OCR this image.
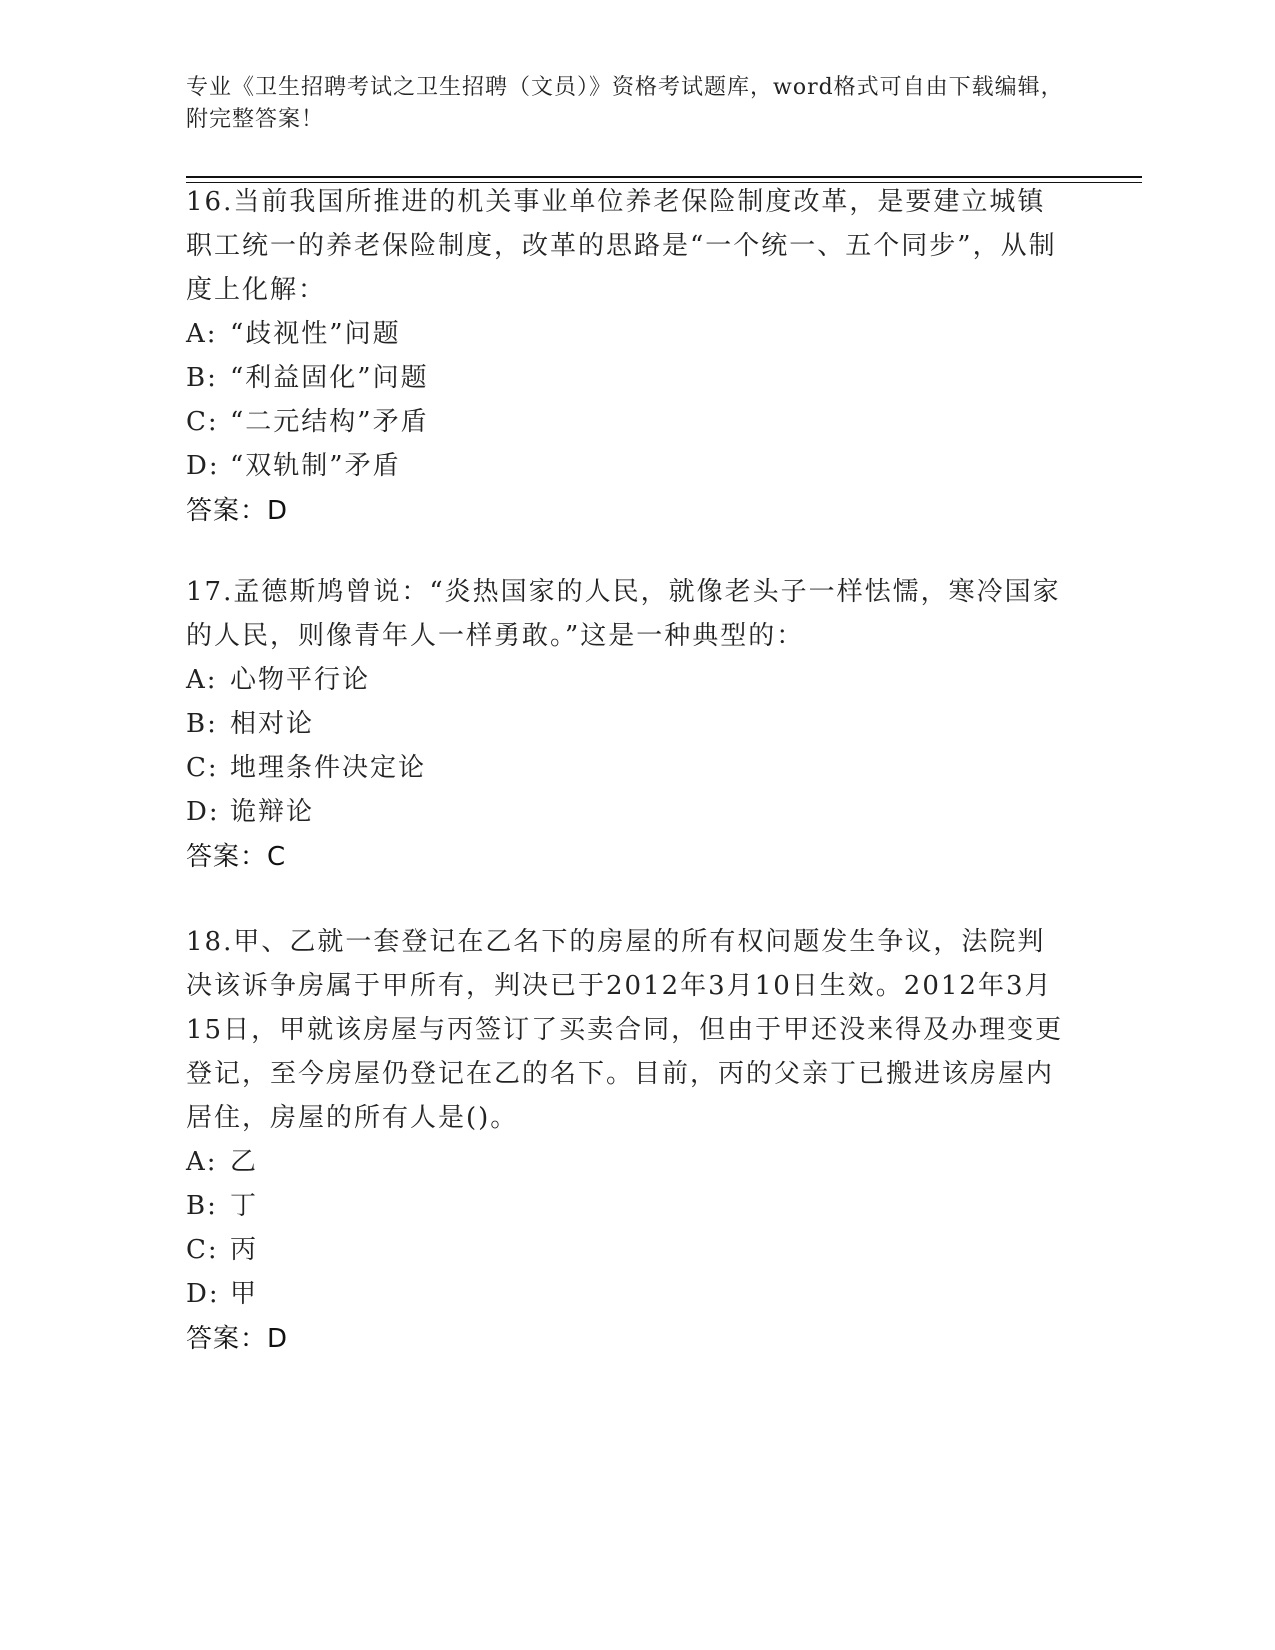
专业《卫生招聘考试之卫生招聘（文员）》资格考试题库，word格式可自由下载编辑，附完整答案！
16.当前我国所推进的机关事业单位养老保险制度改革，是要建立城镇职工统一的养老保险制度，改革的思路是“一个统一、五个同步”，从制度上化解：
A: “歧视性”问题
B: “利益固化”问题
C: “二元结构”矛盾
D: “双轨制”矛盾
答案：D
17.孟德斯鸠曾说：“炎热国家的人民，就像老头子一样怯懦，寒冷国家的人民，则像青年人一样勇敢。”这是一种典型的：
A: 心物平行论
B: 相对论
C: 地理条件决定论
D: 诡辩论
答案：C
18.甲、乙就一套登记在乙名下的房屋的所有权问题发生争议，法院判决该诉争房属于甲所有，判决已于2012年3月10日生效。2012年3月15日，甲就该房屋与丙签订了买卖合同，但由于甲还没来得及办理变更登记，至今房屋仍登记在乙的名下。目前，丙的父亲丁已搬进该房屋内居住，房屋的所有人是()。
A: 乙
B: 丁
C: 丙
D: 甲
答案：D
